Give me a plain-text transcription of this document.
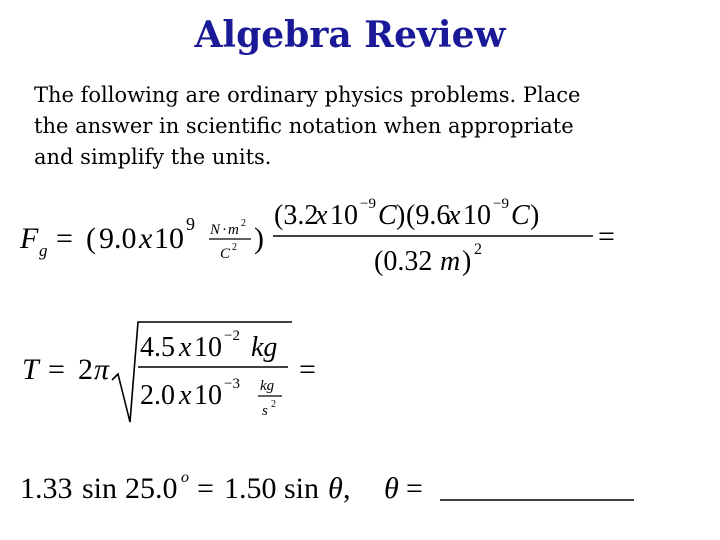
Algebra Review
The following are ordinary physics problems. Place
the answer in scientific notation when appropriate
and simplify the units.
F g = ( 9.0 x 10 9 N · m 2
C 2 )
(3.2
x 10 −9 C ) (9.6
x 10 −9 C )
(0.32 m ) 2	=
T = 2 π
4.5 x 10 −2 kg
2.0 x 10 −3 kg
s 2
=
1.33 sin 25.0 o = 1.50 sin θ , θ =
